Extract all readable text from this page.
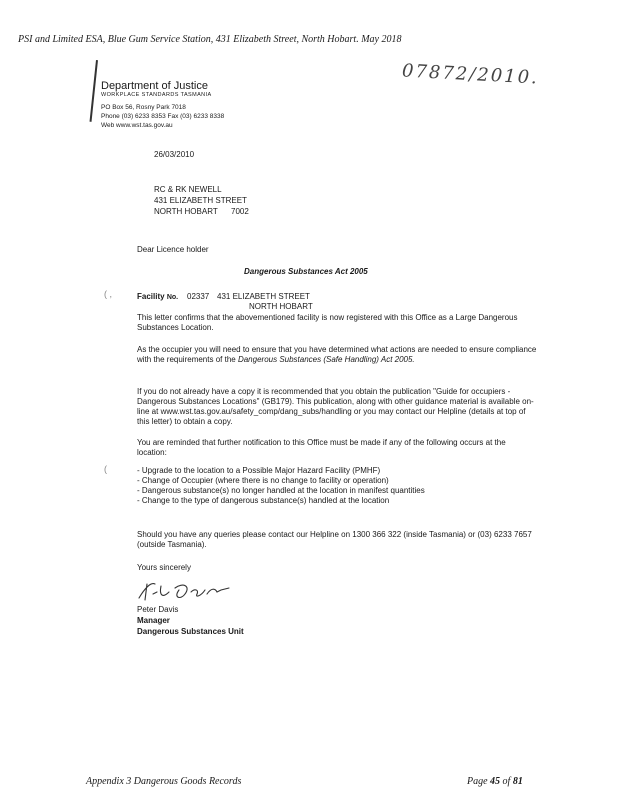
PSI and Limited ESA, Blue Gum Service Station, 431 Elizabeth Street, North Hobart. May 2018
Department of Justice
WORKPLACE STANDARDS TASMANIA
PO Box 56, Rosny Park 7018
Phone (03) 6233 8353 Fax (03) 6233 8338
Web www.wst.tas.gov.au
07872/2010.
26/03/2010
RC & RK NEWELL
431 ELIZABETH STREET
NORTH HOBART	7002
Dear Licence holder
Dangerous Substances Act 2005
( ,	Facility No. 02337 431 ELIZABETH STREET
NORTH HOBART
This letter confirms that the abovementioned facility is now registered with this Office as a Large Dangerous Substances Location.
As the occupier you will need to ensure that you have determined what actions are needed to ensure compliance with the requirements of the Dangerous Substances (Safe Handling) Act 2005.
If you do not already have a copy it is recommended that you obtain the publication "Guide for occupiers - Dangerous Substances Locations" (GB179). This publication, along with other guidance material is available on-line at www.wst.tas.gov.au/safety_comp/dang_subs/handling or you may contact our Helpline (details at top of this letter) to obtain a copy.
You are reminded that further notification to this Office must be made if any of the following occurs at the location:
(
-	Upgrade to the location to a Possible Major Hazard Facility (PMHF)
- Change of Occupier (where there is no change to facility or operation)
- Dangerous substance(s) no longer handled at the location in manifest quantities
- Change to the type of dangerous substance(s) handled at the location
Should you have any queries please contact our Helpline on 1300 366 322 (inside Tasmania) or (03) 6233 7657 (outside Tasmania).
Yours sincerely
Peter Davis
Manager
Dangerous Substances Unit
Appendix 3 Dangerous Goods Records	Page 45 of 81
